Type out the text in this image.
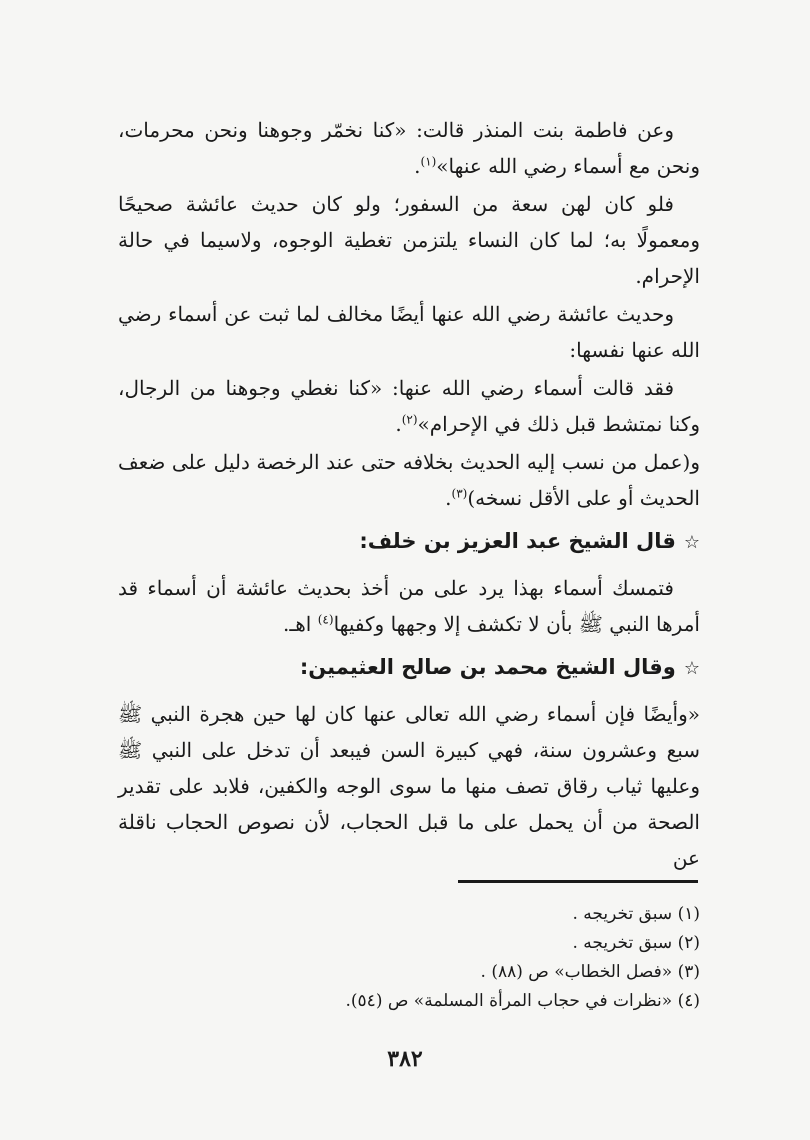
وعن فاطمة بنت المنذر قالت: «كنا نخمّر وجوهنا ونحن محرمات، ونحن مع أسماء رضي الله عنها»$^{(١)}$.

فلو كان لهن سعة من السفور؛ ولو كان حديث عائشة صحيحًا ومعمولًا به؛ لما كان النساء يلتزمن تغطية الوجوه، ولاسيما في حالة الإحرام.

وحديث عائشة رضي الله عنها أيضًا مخالف لما ثبت عن أسماء رضي الله عنها نفسها:

فقد قالت أسماء رضي الله عنها: «كنا نغطي وجوهنا من الرجال، وكنا نمتشط قبل ذلك في الإحرام»$^{(٢)}$.

و(عمل من نسب إليه الحديث بخلافه حتى عند الرخصة دليل على ضعف الحديث أو على الأقل نسخه)$^{(٣)}$.

☆قال الشيخ عبد العزيز بن خلف:

فتمسك أسماء بهذا يرد على من أخذ بحديث عائشة أن أسماء قد أمرها النبي ﷺ بأن لا تكشف إلا وجهها وكفيها$^{(٤)}$ اهـ.

☆وقال الشيخ محمد بن صالح العثيمين:

«وأيضًا فإن أسماء رضي الله تعالى عنها كان لها حين هجرة النبي ﷺ سبع وعشرون سنة، فهي كبيرة السن فيبعد أن تدخل على النبي ﷺ وعليها ثياب رقاق تصف منها ما سوى الوجه والكفين، فلابد على تقدير الصحة من أن يحمل على ما قبل الحجاب، لأن نصوص الحجاب ناقلة عن

(١) سبق تخريجه .

(٢) سبق تخريجه .

(٣) «فصل الخطاب» ص (٨٨) .

(٤) «نظرات في حجاب المرأة المسلمة» ص (٥٤).

٣٨٢
